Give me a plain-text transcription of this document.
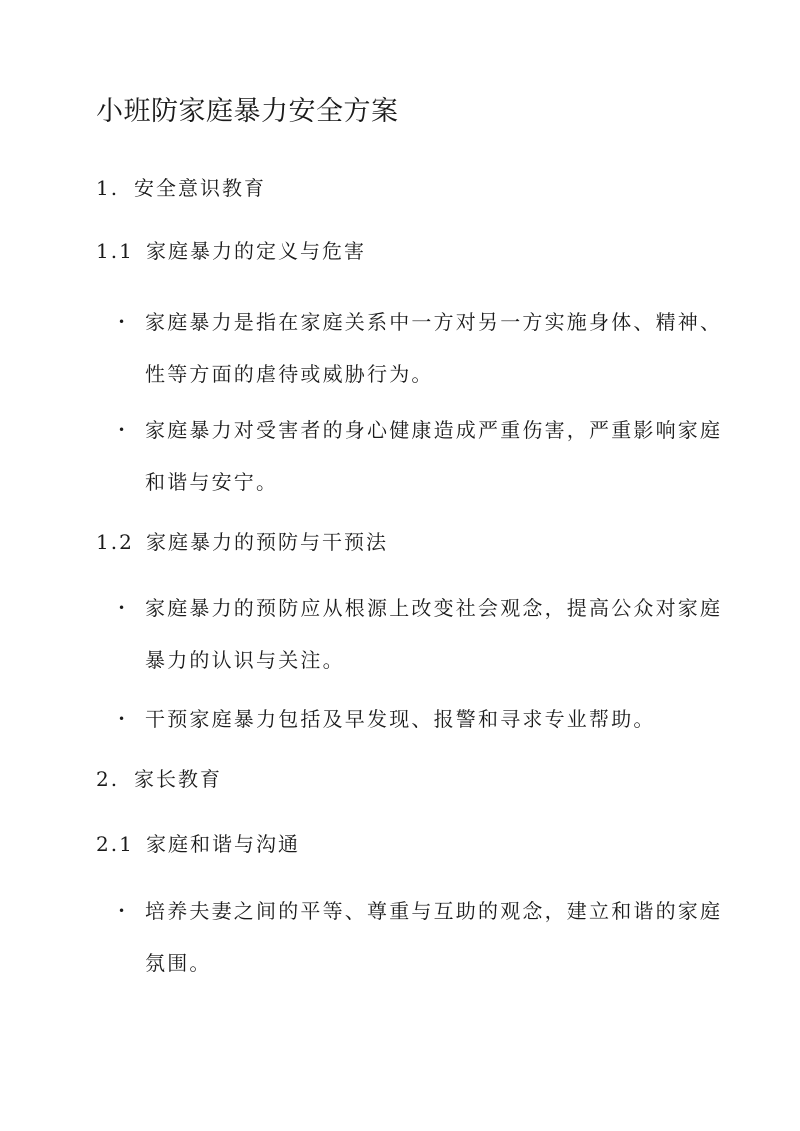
小班防家庭暴力安全方案
1. 安全意识教育
1.1 家庭暴力的定义与危害
• 家庭暴力是指在家庭关系中一方对另一方实施身体、精神、
性等方面的虐待或威胁行为。
• 家庭暴力对受害者的身心健康造成严重伤害，严重影响家庭
和谐与安宁。
1.2 家庭暴力的预防与干预法
• 家庭暴力的预防应从根源上改变社会观念，提高公众对家庭
暴力的认识与关注。
• 干预家庭暴力包括及早发现、报警和寻求专业帮助。
2. 家长教育
2.1 家庭和谐与沟通
• 培养夫妻之间的平等、尊重与互助的观念，建立和谐的家庭
氛围。
